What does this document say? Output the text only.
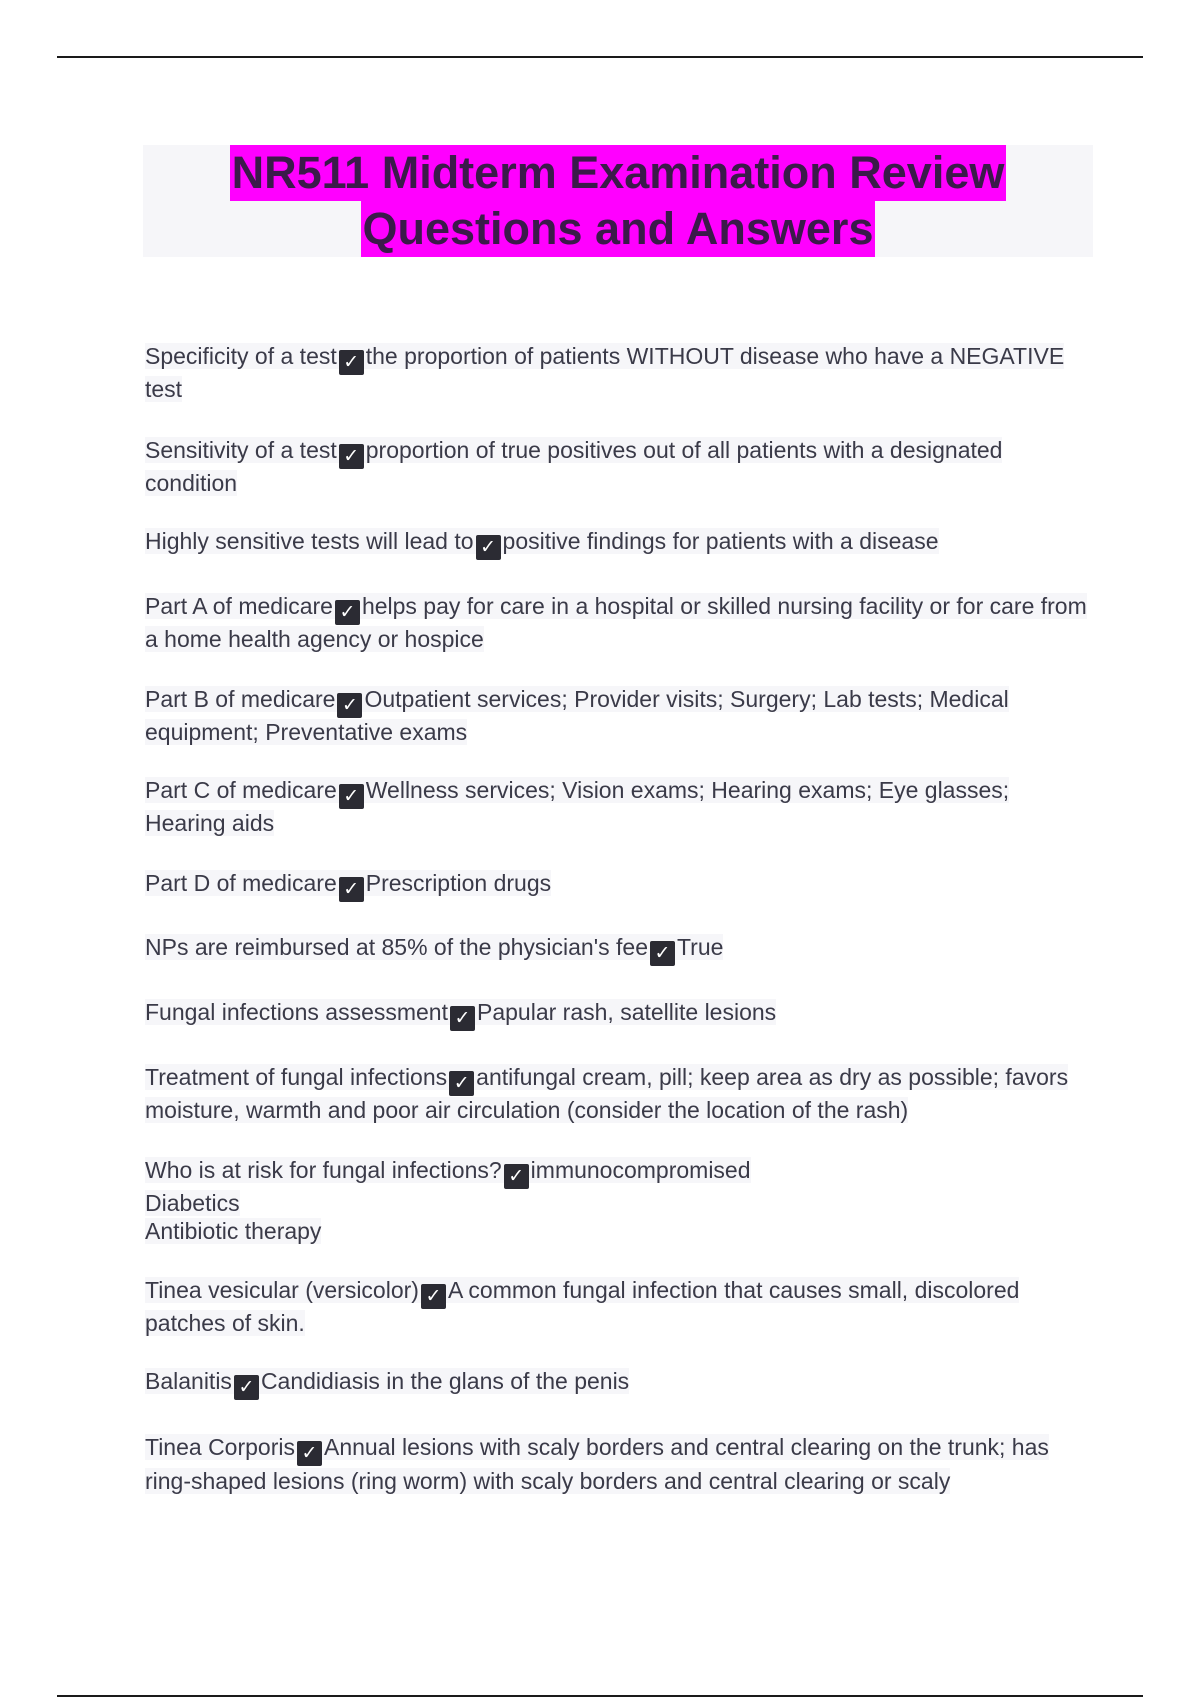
NR511 Midterm Examination Review
Questions and Answers
Specificity of a test ✓ the proportion of patients WITHOUT disease who have a NEGATIVE test
Sensitivity of a test ✓ proportion of true positives out of all patients with a designated condition
Highly sensitive tests will lead to ✓ positive findings for patients with a disease
Part A of medicare ✓ helps pay for care in a hospital or skilled nursing facility or for care from a home health agency or hospice
Part B of medicare ✓ Outpatient services; Provider visits; Surgery; Lab tests; Medical equipment; Preventative exams
Part C of medicare ✓ Wellness services; Vision exams; Hearing exams; Eye glasses; Hearing aids
Part D of medicare ✓ Prescription drugs
NPs are reimbursed at 85% of the physician's fee ✓ True
Fungal infections assessment ✓ Papular rash, satellite lesions
Treatment of fungal infections ✓ antifungal cream, pill; keep area as dry as possible; favors moisture, warmth and poor air circulation (consider the location of the rash)
Who is at risk for fungal infections? ✓ immunocompromised
Diabetics
Antibiotic therapy
Tinea vesicular (versicolor) ✓ A common fungal infection that causes small, discolored patches of skin.
Balanitis ✓ Candidiasis in the glans of the penis
Tinea Corporis ✓ Annual lesions with scaly borders and central clearing on the trunk; has ring-shaped lesions (ring worm) with scaly borders and central clearing or scaly
